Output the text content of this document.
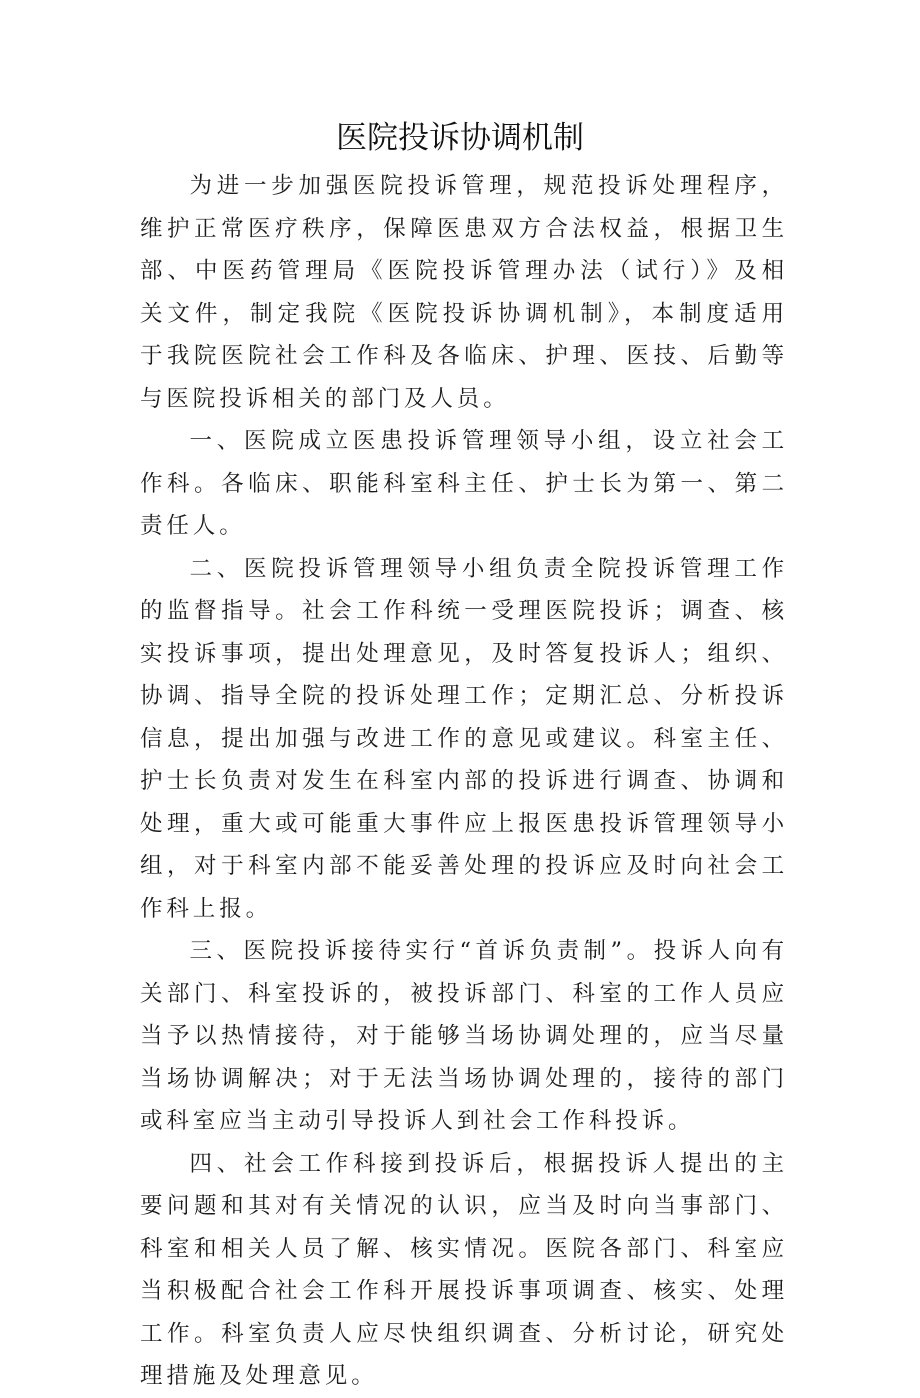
医院投诉协调机制

为进一步加强医院投诉管理，规范投诉处理程序，维护正常医疗秩序，保障医患双方合法权益，根据卫生部、中医药管理局《医院投诉管理办法（试行）》及相关文件，制定我院《医院投诉协调机制》，本制度适用于我院医院社会工作科及各临床、护理、医技、后勤等与医院投诉相关的部门及人员。

一、医院成立医患投诉管理领导小组，设立社会工作科。各临床、职能科室科主任、护士长为第一、第二责任人。

二、医院投诉管理领导小组负责全院投诉管理工作的监督指导。社会工作科统一受理医院投诉；调查、核实投诉事项，提出处理意见，及时答复投诉人；组织、协调、指导全院的投诉处理工作；定期汇总、分析投诉信息，提出加强与改进工作的意见或建议。科室主任、护士长负责对发生在科室内部的投诉进行调查、协调和处理，重大或可能重大事件应上报医患投诉管理领导小组，对于科室内部不能妥善处理的投诉应及时向社会工作科上报。

三、医院投诉接待实行“首诉负责制”。投诉人向有关部门、科室投诉的，被投诉部门、科室的工作人员应当予以热情接待，对于能够当场协调处理的，应当尽量当场协调解决；对于无法当场协调处理的，接待的部门或科室应当主动引导投诉人到社会工作科投诉。

四、社会工作科接到投诉后，根据投诉人提出的主要问题和其对有关情况的认识，应当及时向当事部门、科室和相关人员了解、核实情况。医院各部门、科室应当积极配合社会工作科开展投诉事项调查、核实、处理工作。科室负责人应尽快组织调查、分析讨论，研究处理措施及处理意见。
